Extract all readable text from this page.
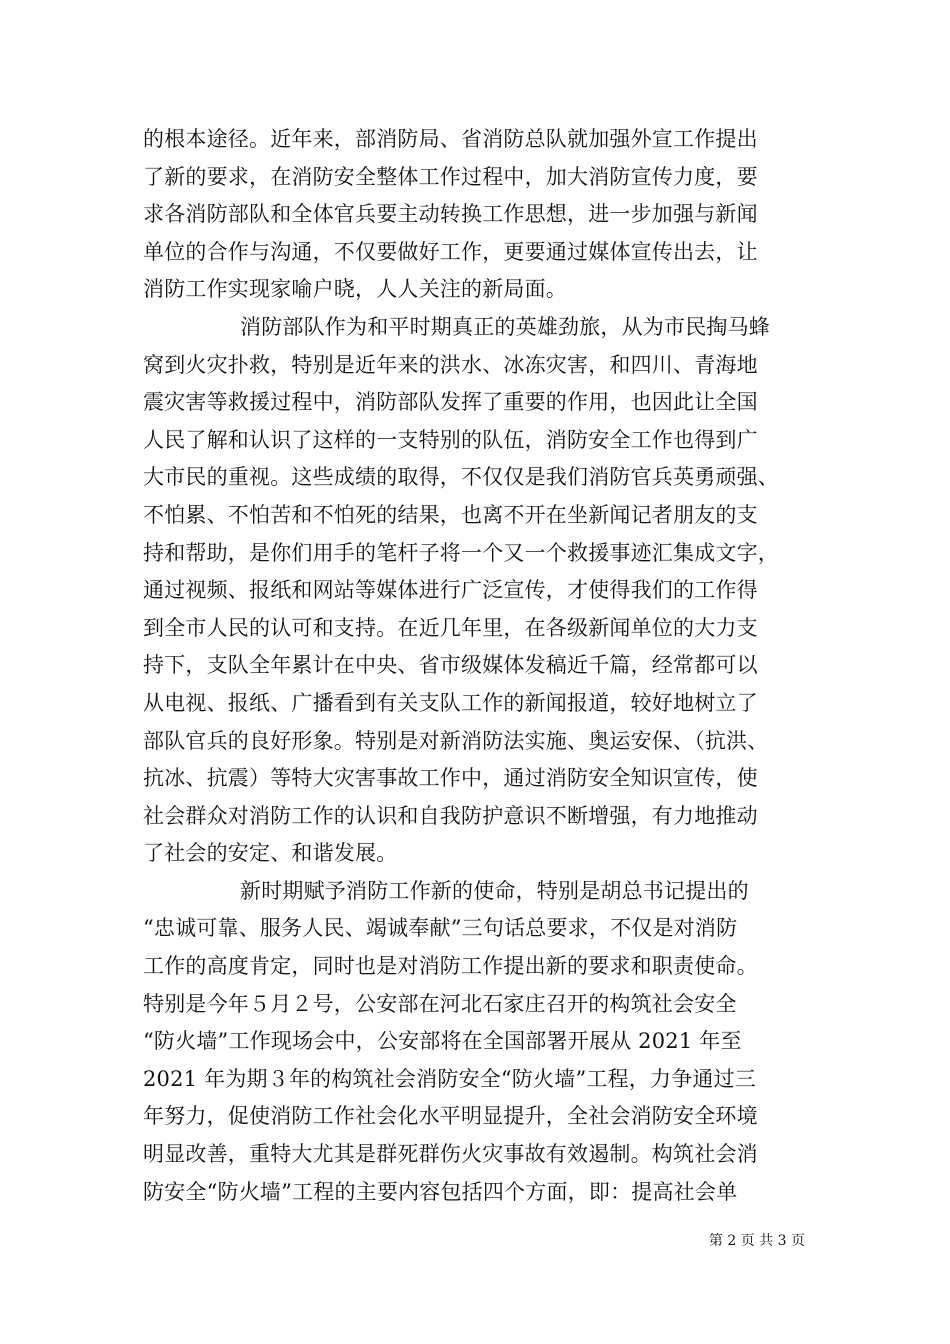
的根本途径。近年来，部消防局、省消防总队就加强外宣工作提出
了新的要求，在消防安全整体工作过程中，加大消防宣传力度，要
求各消防部队和全体官兵要主动转换工作思想，进一步加强与新闻
单位的合作与沟通，不仅要做好工作，更要通过媒体宣传出去，让
消防工作实现家喻户晓，人人关注的新局面。
消防部队作为和平时期真正的英雄劲旅，从为市民掏马蜂
窝到火灾扑救，特别是近年来的洪水、冰冻灾害，和四川、青海地
震灾害等救援过程中，消防部队发挥了重要的作用，也因此让全国
人民了解和认识了这样的一支特别的队伍，消防安全工作也得到广
大市民的重视。这些成绩的取得，不仅仅是我们消防官兵英勇顽强、
不怕累、不怕苦和不怕死的结果，也离不开在坐新闻记者朋友的支
持和帮助，是你们用手的笔杆子将一个又一个救援事迹汇集成文字，
通过视频、报纸和网站等媒体进行广泛宣传，才使得我们的工作得
到全市人民的认可和支持。在近几年里，在各级新闻单位的大力支
持下，支队全年累计在中央、省市级媒体发稿近千篇，经常都可以
从电视、报纸、广播看到有关支队工作的新闻报道，较好地树立了
部队官兵的良好形象。特别是对新消防法实施、奥运安保、（抗洪、
抗冰、抗震）等特大灾害事故工作中，通过消防安全知识宣传，使
社会群众对消防工作的认识和自我防护意识不断增强，有力地推动
了社会的安定、和谐发展。
新时期赋予消防工作新的使命，特别是胡总书记提出的
“忠诚可靠、服务人民、竭诚奉献”三句话总要求，不仅是对消防
工作的高度肯定，同时也是对消防工作提出新的要求和职责使命。
特别是今年５月２号，公安部在河北石家庄召开的构筑社会安全
“防火墙”工作现场会中，公安部将在全国部署开展从 2021 年至
2021 年为期３年的构筑社会消防安全“防火墙”工程，力争通过三
年努力，促使消防工作社会化水平明显提升，全社会消防安全环境
明显改善，重特大尤其是群死群伤火灾事故有效遏制。构筑社会消
防安全“防火墙”工程的主要内容包括四个方面，即：提高社会单
第 2 页 共 3 页
